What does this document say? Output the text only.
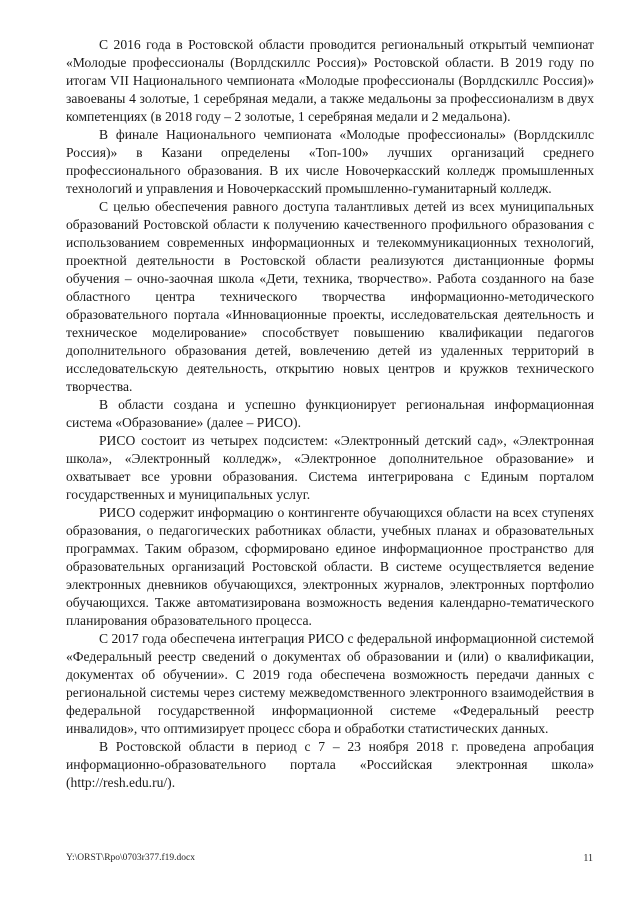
С 2016 года в Ростовской области проводится региональный открытый чемпионат «Молодые профессионалы (Ворлдскиллс Россия)» Ростовской области. В 2019 году по итогам VII Национального чемпионата «Молодые профессионалы (Ворлдскиллс Россия)» завоеваны 4 золотые, 1 серебряная медали, а также медальоны за профессионализм в двух компетенциях (в 2018 году – 2 золотые, 1 серебряная медали и 2 медальона).

В финале Национального чемпионата «Молодые профессионалы» (Ворлдскиллс Россия)» в Казани определены «Топ-100» лучших организаций среднего профессионального образования. В их числе Новочеркасский колледж промышленных технологий и управления и Новочеркасский промышленно-гуманитарный колледж.

С целью обеспечения равного доступа талантливых детей из всех муниципальных образований Ростовской области к получению качественного профильного образования с использованием современных информационных и телекоммуникационных технологий, проектной деятельности в Ростовской области реализуются дистанционные формы обучения – очно-заочная школа «Дети, техника, творчество». Работа созданного на базе областного центра технического творчества информационно-методического образовательного портала «Инновационные проекты, исследовательская деятельность и техническое моделирование» способствует повышению квалификации педагогов дополнительного образования детей, вовлечению детей из удаленных территорий в исследовательскую деятельность, открытию новых центров и кружков технического творчества.

В области создана и успешно функционирует региональная информационная система «Образование» (далее – РИСО).

РИСО состоит из четырех подсистем: «Электронный детский сад», «Электронная школа», «Электронный колледж», «Электронное дополнительное образование» и охватывает все уровни образования. Система интегрирована с Единым порталом государственных и муниципальных услуг.

РИСО содержит информацию о контингенте обучающихся области на всех ступенях образования, о педагогических работниках области, учебных планах и образовательных программах. Таким образом, сформировано единое информационное пространство для образовательных организаций Ростовской области. В системе осуществляется ведение электронных дневников обучающихся, электронных журналов, электронных портфолио обучающихся. Также автоматизирована возможность ведения календарно-тематического планирования образовательного процесса.

С 2017 года обеспечена интеграция РИСО с федеральной информационной системой «Федеральный реестр сведений о документах об образовании и (или) о квалификации, документах об обучении». С 2019 года обеспечена возможность передачи данных с региональной системы через систему межведомственного электронного взаимодействия в федеральной государственной информационной системе «Федеральный реестр инвалидов», что оптимизирует процесс сбора и обработки статистических данных.

В Ростовской области в период с 7 – 23 ноября 2018 г. проведена апробация информационно-образовательного портала «Российская электронная школа» (http://resh.edu.ru/).

Y:\ORST\Rpo\0703r377.f19.docx	11
